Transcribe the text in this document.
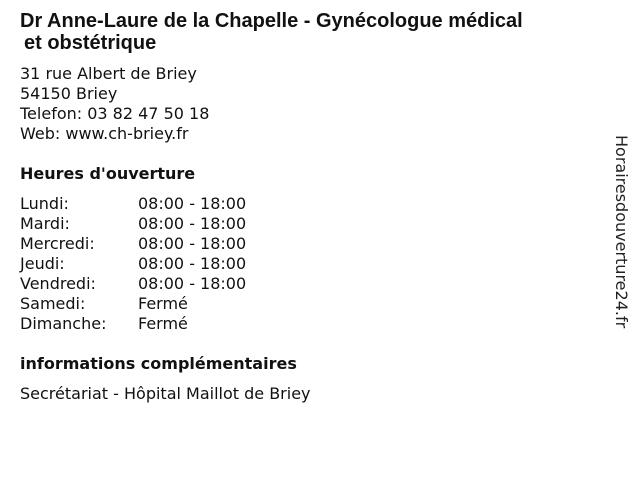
Dr Anne-Laure de la Chapelle - Gynécologue médical
et obstétrique
31 rue Albert de Briey
54150 Briey
Telefon: 03 82 47 50 18
Web: www.ch-briey.fr
Heures d'ouverture
Lundi:	08:00 - 18:00
Mardi:	08:00 - 18:00
Mercredi:	08:00 - 18:00
Jeudi:	08:00 - 18:00
Vendredi:	08:00 - 18:00
Samedi:	Fermé
Dimanche:	Fermé
informations complémentaires
Secrétariat - Hôpital Maillot de Briey
Horairesdouverture24.fr
